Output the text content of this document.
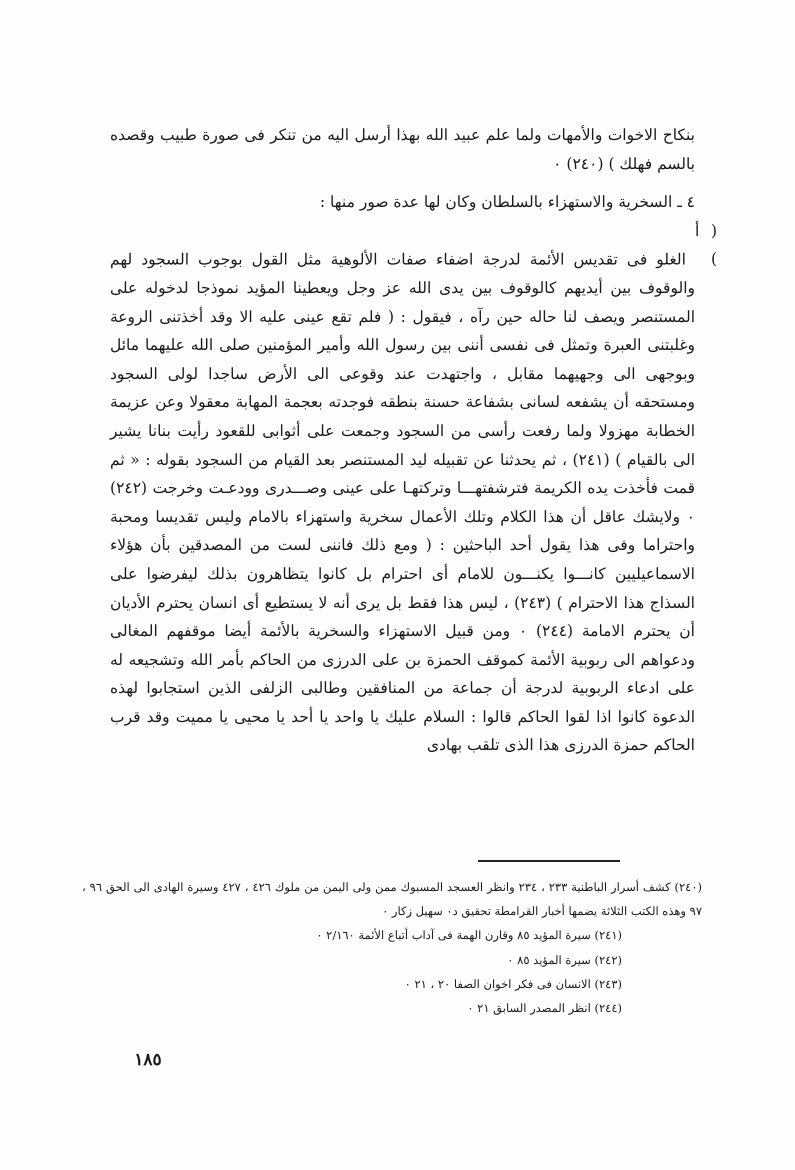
بنكاح الاخوات والأمهات ولما علم عبيد الله بهذا أرسل اليه من تنكر فى صورة طبيب وقصده بالسم فهلك ) (٢٤٠) ٠

٤ ـ السخرية والاستهزاء بالسلطان وكان لها عدة صور منها :

( أ ) الغلو فى تقديس الأئمة لدرجة اضفاء صفات الألوهية مثل القول بوجوب السجود لهم والوقوف بين أيديهم كالوقوف بين يدى الله عز وجل ويعطينا المؤيد نموذجا لدخوله على المستنصر ويصف لنا حاله حين رآه ، فيقول : ( فلم تقع عينى عليه الا وقد أخذتنى الروعة وغلبتنى العبرة وتمثل فى نفسى أننى بين رسول الله وأمير المؤمنين صلى الله عليهما مائل وبوجهى الى وجهيهما مقابل ، واجتهدت عند وقوعى الى الأرض ساجدا لولى السجود ومستحقه أن يشفعه لسانى بشفاعة حسنة بنطقه فوجدته بعجمة المهابة معقولا وعن عزيمة الخطابة مهزولا ولما رفعت رأسى من السجود وجمعت على أثوابى للقعود رأيت بنانا يشير الى بالقيام ) (٢٤١) ، ثم يحدثنا عن تقبيله ليد المستنصر بعد القيام من السجود بقوله : « ثم قمت فأخذت يده الكريمة فترشفتهـــا وتركتهـا على عينى وصـــدرى وودعـت وخرجت (٢٤٢) ٠ ولايشك عاقل أن هذا الكلام وتلك الأعمال سخرية واستهزاء بالامام وليس تقديسا ومحبة واحتراما وفى هذا يقول أحد الباحثين : ( ومع ذلك فاننى لست من المصدقين بأن هؤلاء الاسماعيليين كانـــوا يكنـــون للامام أى احترام بل كانوا يتظاهرون بذلك ليفرضوا على السذاج هذا الاحترام ) (٢٤٣) ، ليس هذا فقط بل يرى أنه لا يستطيع أى انسان يحترم الأديان أن يحترم الامامة (٢٤٤) ٠ ومن قبيل الاستهزاء والسخرية بالأئمة أيضا موقفهم المغالى ودعواهم الى ربوبية الأئمة كموقف الحمزة بن على الدرزى من الحاكم بأمر الله وتشجيعه له على ادعاء الربوبية لدرجة أن جماعة من المنافقين وطالبى الزلفى الذين استجابوا لهذه الدعوة كانوا اذا لقوا الحاكم قالوا : السلام عليك يا واحد يا أحد يا محيى يا مميت وقد قرب الحاكم حمزة الدرزى هذا الذى تلقب بهادى

(٢٤٠) كشف أسرار الباطنية ٢٣٣ ، ٢٣٤ وانظر العسجد المسبوك ممن ولى اليمن من ملوك ٤٢٦ ، ٤٢٧ وسيرة الهادى الى الحق ٩٦ ، ٩٧ وهذه الكتب الثلاثة يضمها أخبار القرامطة تحقيق د٠ سهيل زكار ٠

(٢٤١) سيرة المؤيد ٨٥ وقارن الهمة فى آداب أتباع الأئمة ٢/١٦٠ ٠

(٢٤٢) سيرة المؤيد ٨٥ ٠

(٢٤٣) الانسان فى فكر اخوان الصفا ٢٠ ، ٢١ ٠

(٢٤٤) انظر المصدر السابق ٢١ ٠

١٨٥
